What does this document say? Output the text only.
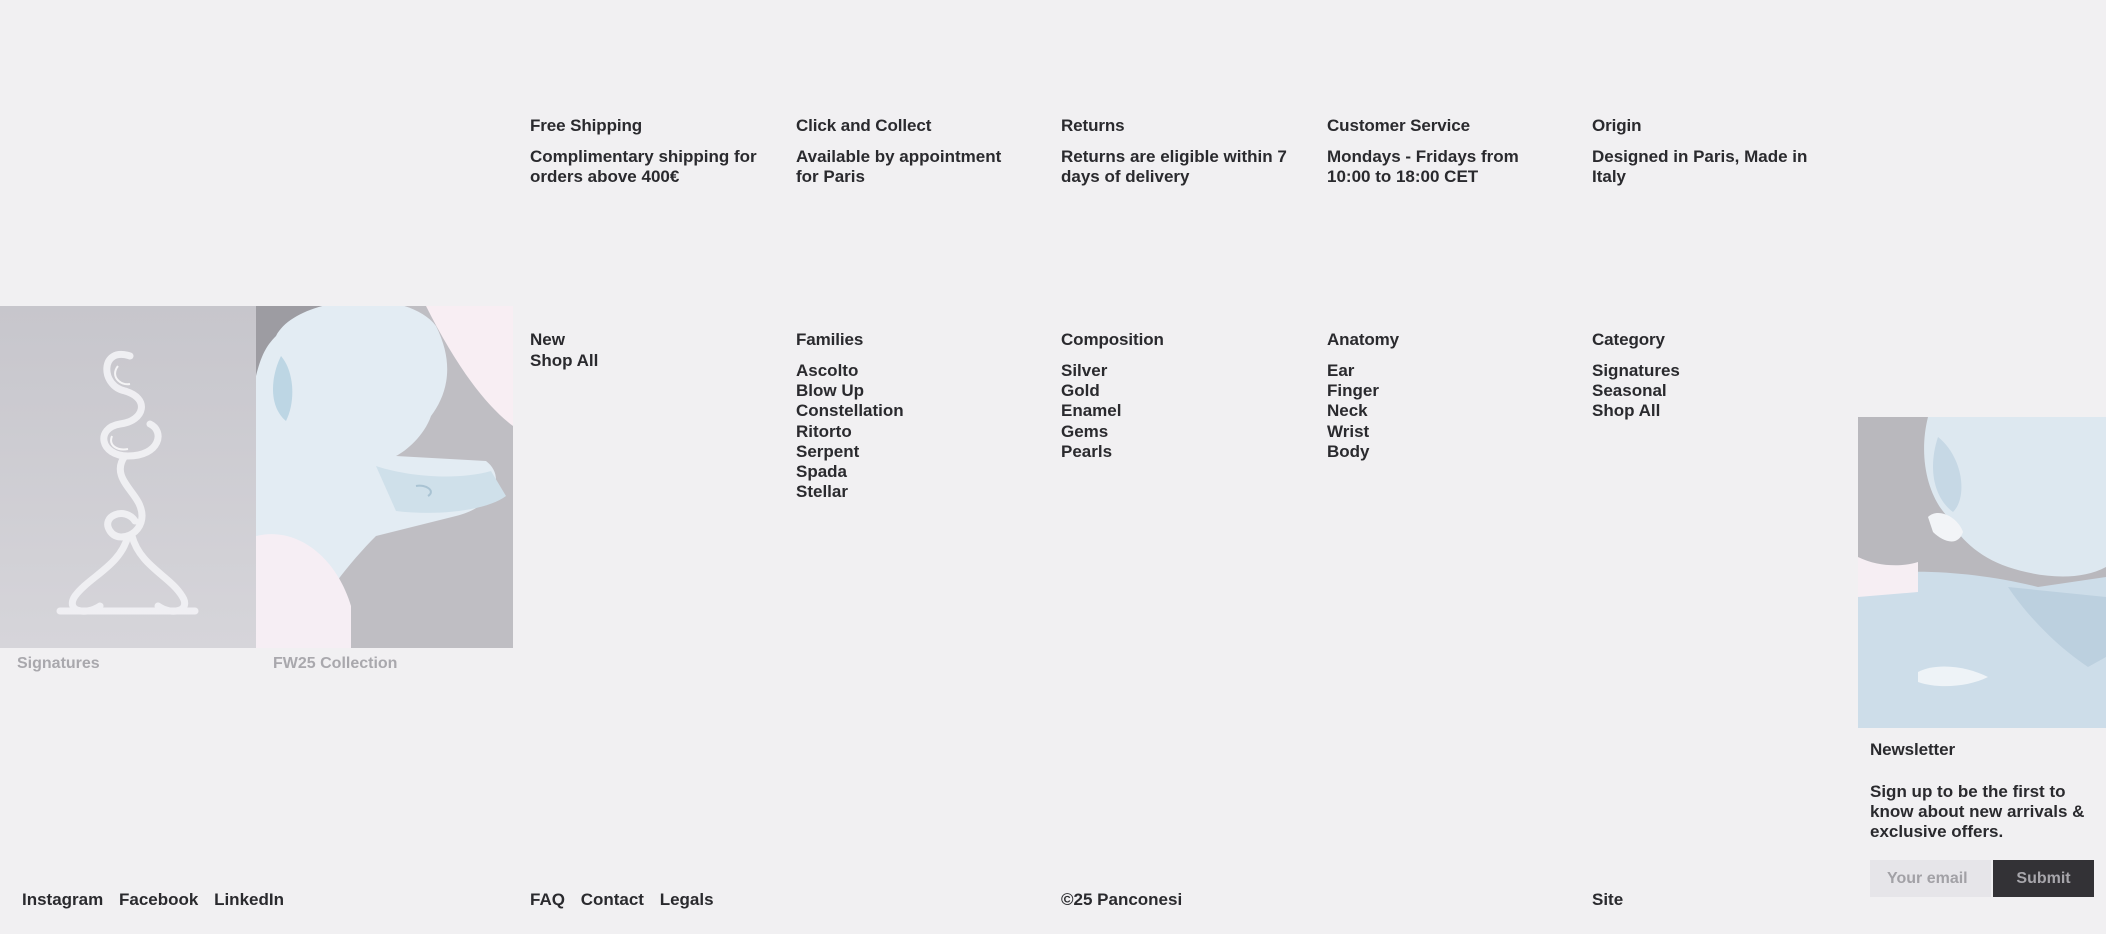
Free Shipping
Complimentary shipping for orders above 400€
Click and Collect
Available by appointment for Paris
Returns
Returns are eligible within 7 days of delivery
Customer Service
Mondays - Fridays from 10:00 to 18:00 CET
Origin
Designed in Paris, Made in Italy
Signatures	FW25 Collection
New
Shop All
Families
Ascolto
Blow Up
Constellation
Ritorto
Serpent
Spada
Stellar
Composition
Silver
Gold
Enamel
Gems
Pearls
Anatomy
Ear
Finger
Neck
Wrist
Body
Category
Signatures
Seasonal
Shop All
Newsletter
Sign up to be the first to know about new arrivals & exclusive offers.
Your email
Submit
Instagram Facebook LinkedIn	FAQ Contact Legals	©25 Panconesi	Site
